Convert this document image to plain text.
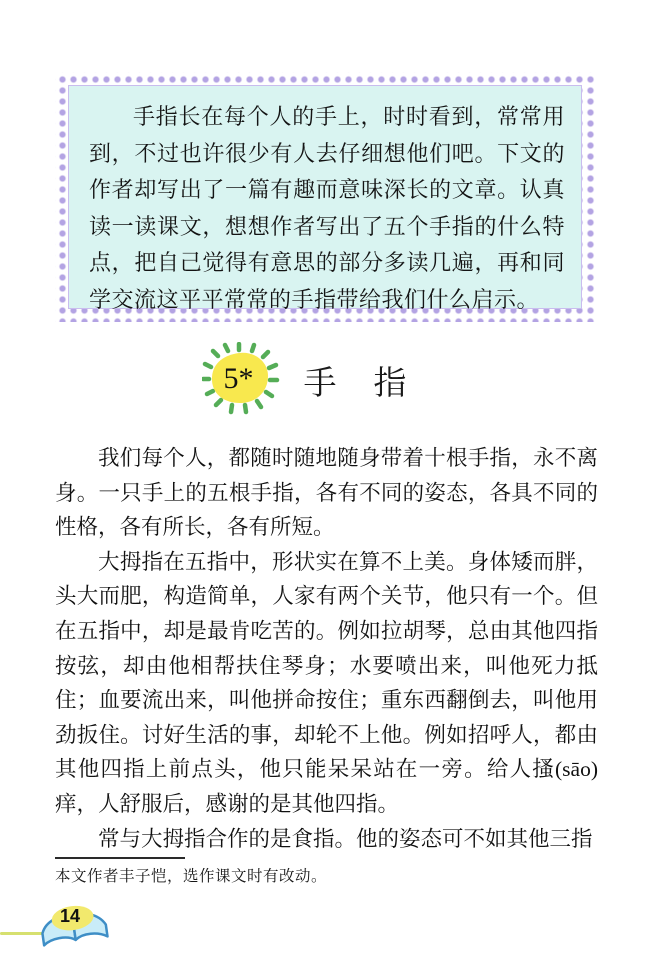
手指长在每个人的手上，时时看到，常常用到，不过也许很少有人去仔细想他们吧。下文的作者却写出了一篇有趣而意味深长的文章。认真读一读课文，想想作者写出了五个手指的什么特点，把自己觉得有意思的部分多读几遍，再和同学交流这平平常常的手指带给我们什么启示。

5*	手　指

我们每个人，都随时随地随身带着十根手指，永不离身。一只手上的五根手指，各有不同的姿态，各具不同的性格，各有所长，各有所短。

大拇指在五指中，形状实在算不上美。身体矮而胖，头大而肥，构造简单，人家有两个关节，他只有一个。但在五指中，却是最肯吃苦的。例如拉胡琴，总由其他四指按弦，却由他相帮扶住琴身；水要喷出来，叫他死力抵住；血要流出来，叫他拼命按住；重东西翻倒去，叫他用劲扳住。讨好生活的事，却轮不上他。例如招呼人，都由其他四指上前点头，他只能呆呆站在一旁。给人搔(sāo)痒，人舒服后，感谢的是其他四指。

常与大拇指合作的是食指。他的姿态可不如其他三指

本文作者丰子恺，选作课文时有改动。

14
